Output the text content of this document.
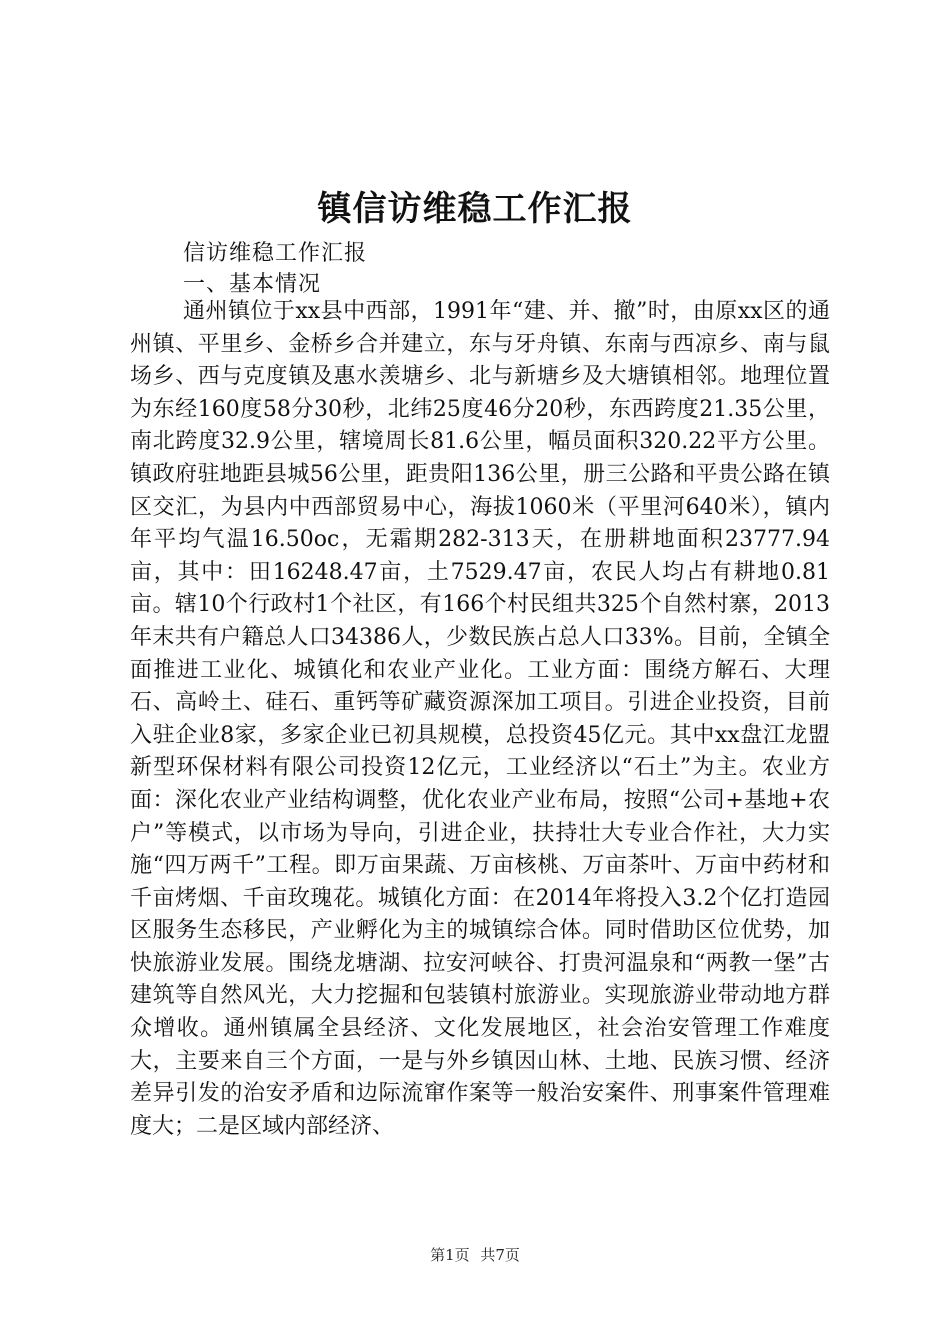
镇信访维稳工作汇报

信访维稳工作汇报

一、基本情况

通州镇位于xx县中西部，1991年“建、并、撤”时，由原xx区的通州镇、平里乡、金桥乡合并建立，东与牙舟镇、东南与西凉乡、南与鼠场乡、西与克度镇及惠水羡塘乡、北与新塘乡及大塘镇相邻。地理位置为东经160度58分30秒，北纬25度46分20秒，东西跨度21.35公里，南北跨度32.9公里，辖境周长81.6公里，幅员面积320.22平方公里。镇政府驻地距县城56公里，距贵阳136公里，册三公路和平贵公路在镇区交汇，为县内中西部贸易中心，海拔1060米（平里河640米），镇内年平均气温16.50oc，无霜期282-313天，在册耕地面积23777.94亩，其中：田16248.47亩，土7529.47亩，农民人均占有耕地0.81亩。辖10个行政村1个社区，有166个村民组共325个自然村寨，2013年末共有户籍总人口34386人，少数民族占总人口33%。目前，全镇全面推进工业化、城镇化和农业产业化。工业方面：围绕方解石、大理石、高岭土、硅石、重钙等矿藏资源深加工项目。引进企业投资，目前入驻企业8家，多家企业已初具规模，总投资45亿元。其中xx盘江龙盟新型环保材料有限公司投资12亿元，工业经济以“石土”为主。农业方面：深化农业产业结构调整，优化农业产业布局，按照“公司+基地+农户”等模式，以市场为导向，引进企业，扶持壮大专业合作社，大力实施“四万两千”工程。即万亩果蔬、万亩核桃、万亩茶叶、万亩中药材和千亩烤烟、千亩玫瑰花。城镇化方面：在2014年将投入3.2个亿打造园区服务生态移民，产业孵化为主的城镇综合体。同时借助区位优势，加快旅游业发展。围绕龙塘湖、拉安河峡谷、打贵河温泉和“两教一堡”古建筑等自然风光，大力挖掘和包装镇村旅游业。实现旅游业带动地方群众增收。通州镇属全县经济、文化发展地区，社会治安管理工作难度大，主要来自三个方面，一是与外乡镇因山林、土地、民族习惯、经济差异引发的治安矛盾和边际流窜作案等一般治安案件、刑事案件管理难度大；二是区域内部经济、

第1页 共7页
